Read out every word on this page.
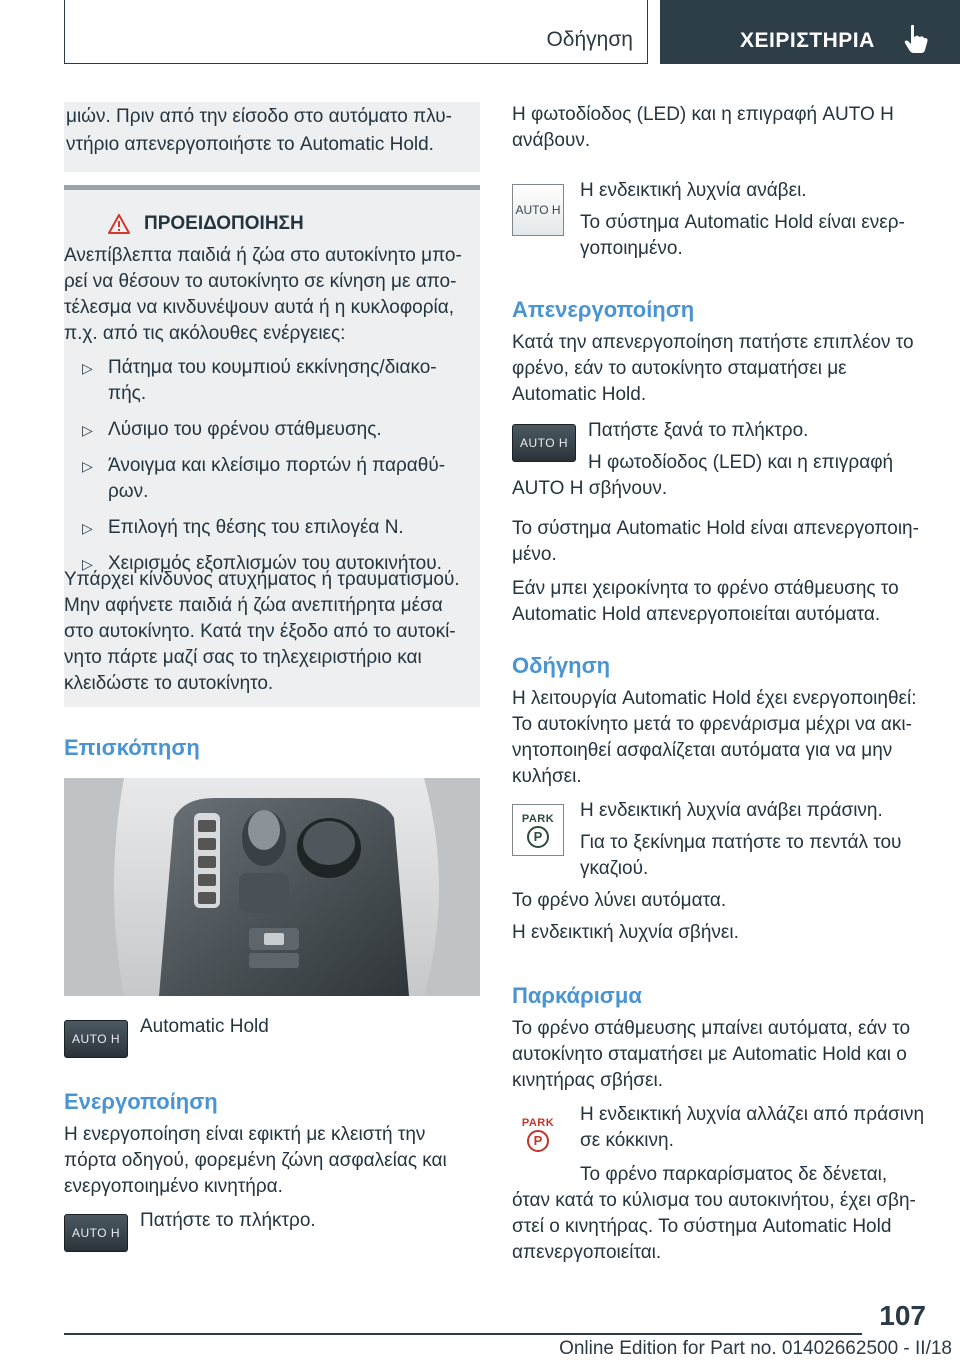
Οδήγηση	ΧΕΙΡΙΣΤΗΡΙΑ

μιών. Πριν από την είσοδο στο αυτόματο πλυ-

ντήριο απενεργοποιήστε το Automatic Hold.

ΠΡΟΕΙΔΟΠΟΙΗΣΗ

Ανεπίβλεπτα παιδιά ή ζώα στο αυτοκίνητο μπο-

ρεί να θέσουν το αυτοκίνητο σε κίνηση με απο-

τέλεσμα να κινδυνέψουν αυτά ή η κυκλοφορία,

π.χ. από τις ακόλουθες ενέργειες:

▷ Πάτημα του κουμπιού εκκίνησης/διακο-
πής.
▷ Λύσιμο του φρένου στάθμευσης.
▷ Άνοιγμα και κλείσιμο πορτών ή παραθύ-
ρων.
▷ Επιλογή της θέσης του επιλογέα N.
▷ Χειρισμός εξοπλισμών του αυτοκινήτου.

Υπάρχει κίνδυνος ατυχήματος ή τραυματισμού.

Μην αφήνετε παιδιά ή ζώα ανεπιτήρητα μέσα

στο αυτοκίνητο. Κατά την έξοδο από το αυτοκί-

νητο πάρτε μαζί σας το τηλεχειριστήριο και

κλειδώστε το αυτοκίνητο.

Επισκόπηση
AUTO H

Automatic Hold

Ενεργοποίηση

Η ενεργοποίηση είναι εφικτή με κλειστή την

πόρτα οδηγού, φορεμένη ζώνη ασφαλείας και

ενεργοποιημένο κινητήρα.

AUTO H

Πατήστε το πλήκτρο.

Η φωτοδίοδος (LED) και η επιγραφή AUTO H

ανάβουν.

AUTO H

Η ενδεικτική λυχνία ανάβει.

Το σύστημα Automatic Hold είναι ενερ-

γοποιημένο.

Απενεργοποίηση

Κατά την απενεργοποίηση πατήστε επιπλέον το

φρένο, εάν το αυτοκίνητο σταματήσει με

Automatic Hold.

AUTO H

Πατήστε ξανά το πλήκτρο.

Η φωτοδίοδος (LED) και η επιγραφή

AUTO H σβήνουν.

Το σύστημα Automatic Hold είναι απενεργοποιη-

μένο.

Εάν μπει χειροκίνητα το φρένο στάθμευσης το

Automatic Hold απενεργοποιείται αυτόματα.

Οδήγηση

Η λειτουργία Automatic Hold έχει ενεργοποιηθεί:

Το αυτοκίνητο μετά το φρενάρισμα μέχρι να ακι-

νητοποιηθεί ασφαλίζεται αυτόματα για να μην

κυλήσει.

PARK
P

Η ενδεικτική λυχνία ανάβει πράσινη.

Για το ξεκίνημα πατήστε το πεντάλ του

γκαζιού.

Το φρένο λύνει αυτόματα.

Η ενδεικτική λυχνία σβήνει.

Παρκάρισμα

Το φρένο στάθμευσης μπαίνει αυτόματα, εάν το

αυτοκίνητο σταματήσει με Automatic Hold και ο

κινητήρας σβήσει.

PARK
P

Η ενδεικτική λυχνία αλλάζει από πράσινη

σε κόκκινη.

Το φρένο παρκαρίσματος δε δένεται,

όταν κατά το κύλισμα του αυτοκινήτου, έχει σβη-

στεί ο κινητήρας. Το σύστημα Automatic Hold

απενεργοποιείται.

107
Online Edition for Part no. 01402662500 - II/18
